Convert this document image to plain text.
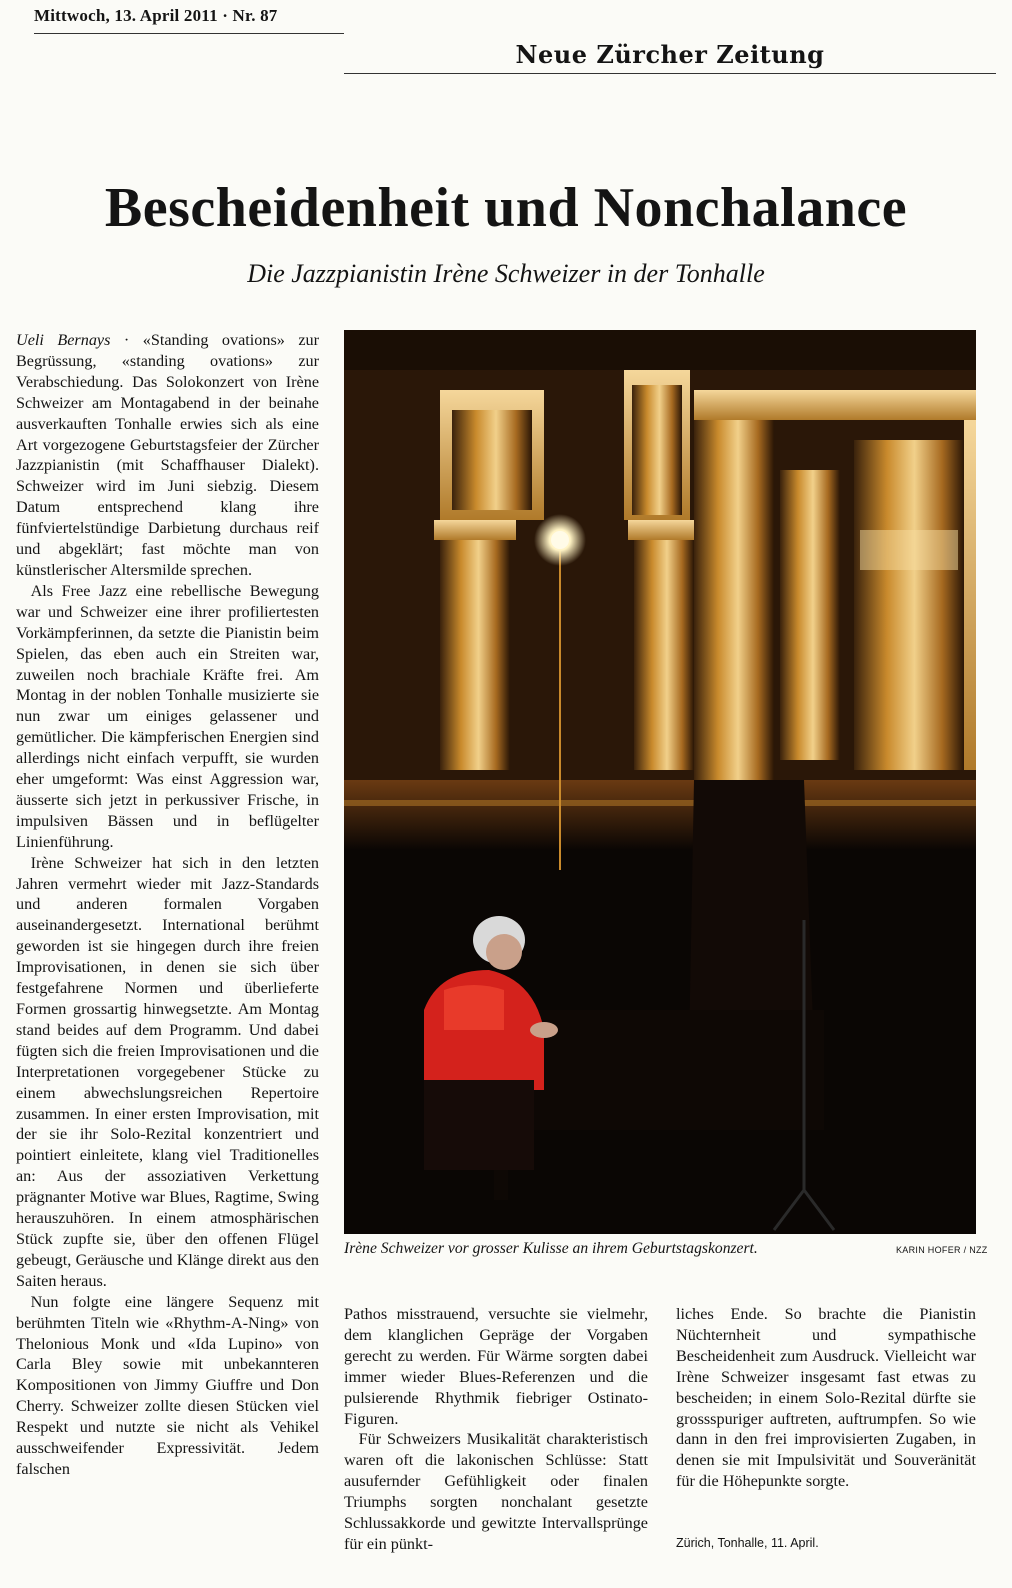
Mittwoch, 13. April 2011 · Nr. 87
Neue Zürcher Zeitung
Bescheidenheit und Nonchalance
Die Jazzpianistin Irène Schweizer in der Tonhalle

Ueli Bernays · «Standing ovations» zur Begrüssung, «standing ovations» zur Verabschiedung. Das Solokonzert von Irène Schweizer am Montagabend in der beinahe ausverkauften Tonhalle erwies sich als eine Art vorgezogene Geburtstagsfeier der Zürcher Jazzpianistin (mit Schaffhauser Dialekt). Schweizer wird im Juni siebzig. Diesem Datum entsprechend klang ihre fünfviertelstündige Darbietung durchaus reif und abgeklärt; fast möchte man von künstlerischer Altersmilde sprechen.

Als Free Jazz eine rebellische Bewegung war und Schweizer eine ihrer profiliertesten Vorkämpferinnen, da setzte die Pianistin beim Spielen, das eben auch ein Streiten war, zuweilen noch brachiale Kräfte frei. Am Montag in der noblen Tonhalle musizierte sie nun zwar um einiges gelassener und gemütlicher. Die kämpferischen Energien sind allerdings nicht einfach verpufft, sie wurden eher umgeformt: Was einst Aggression war, äusserte sich jetzt in perkussiver Frische, in impulsiven Bässen und in beflügelter Linienführung.

Irène Schweizer hat sich in den letzten Jahren vermehrt wieder mit Jazz-Standards und anderen formalen Vorgaben auseinandergesetzt. International berühmt geworden ist sie hingegen durch ihre freien Improvisationen, in denen sie sich über festgefahrene Normen und überlieferte Formen grossartig hinwegsetzte. Am Montag stand beides auf dem Programm. Und dabei fügten sich die freien Improvisationen und die Interpretationen vorgegebener Stücke zu einem abwechslungsreichen Repertoire zusammen. In einer ersten Improvisation, mit der sie ihr Solo-Rezital konzentriert und pointiert einleitete, klang viel Traditionelles an: Aus der assoziativen Verkettung prägnanter Motive war Blues, Ragtime, Swing herauszuhören. In einem atmosphärischen Stück zupfte sie, über den offenen Flügel gebeugt, Geräusche und Klänge direkt aus den Saiten heraus.

Nun folgte eine längere Sequenz mit berühmten Titeln wie «Rhythm-A-Ning» von Thelonious Monk und «Ida Lupino» von Carla Bley sowie mit unbekannteren Kompositionen von Jimmy Giuffre und Don Cherry. Schweizer zollte diesen Stücken viel Respekt und nutzte sie nicht als Vehikel ausschweifender Expressivität. Jedem falschen

Irène Schweizer vor grosser Kulisse an ihrem Geburtstagskonzert.	KARIN HOFER / NZZ

Pathos misstrauend, versuchte sie vielmehr, dem klanglichen Gepräge der Vorgaben gerecht zu werden. Für Wärme sorgten dabei immer wieder Blues-Referenzen und die pulsierende Rhythmik fiebriger Ostinato-Figuren.

Für Schweizers Musikalität charakteristisch waren oft die lakonischen Schlüsse: Statt ausufernder Gefühligkeit oder finalen Triumphs sorgten nonchalant gesetzte Schlussakkorde und gewitzte Intervallsprünge für ein pünkt-

liches Ende. So brachte die Pianistin Nüchternheit und sympathische Bescheidenheit zum Ausdruck. Vielleicht war Irène Schweizer insgesamt fast etwas zu bescheiden; in einem Solo-Rezital dürfte sie grossspuriger auftreten, auftrumpfen. So wie dann in den frei improvisierten Zugaben, in denen sie mit Impulsivität und Souveränität für die Höhepunkte sorgte.

Zürich, Tonhalle, 11. April.
